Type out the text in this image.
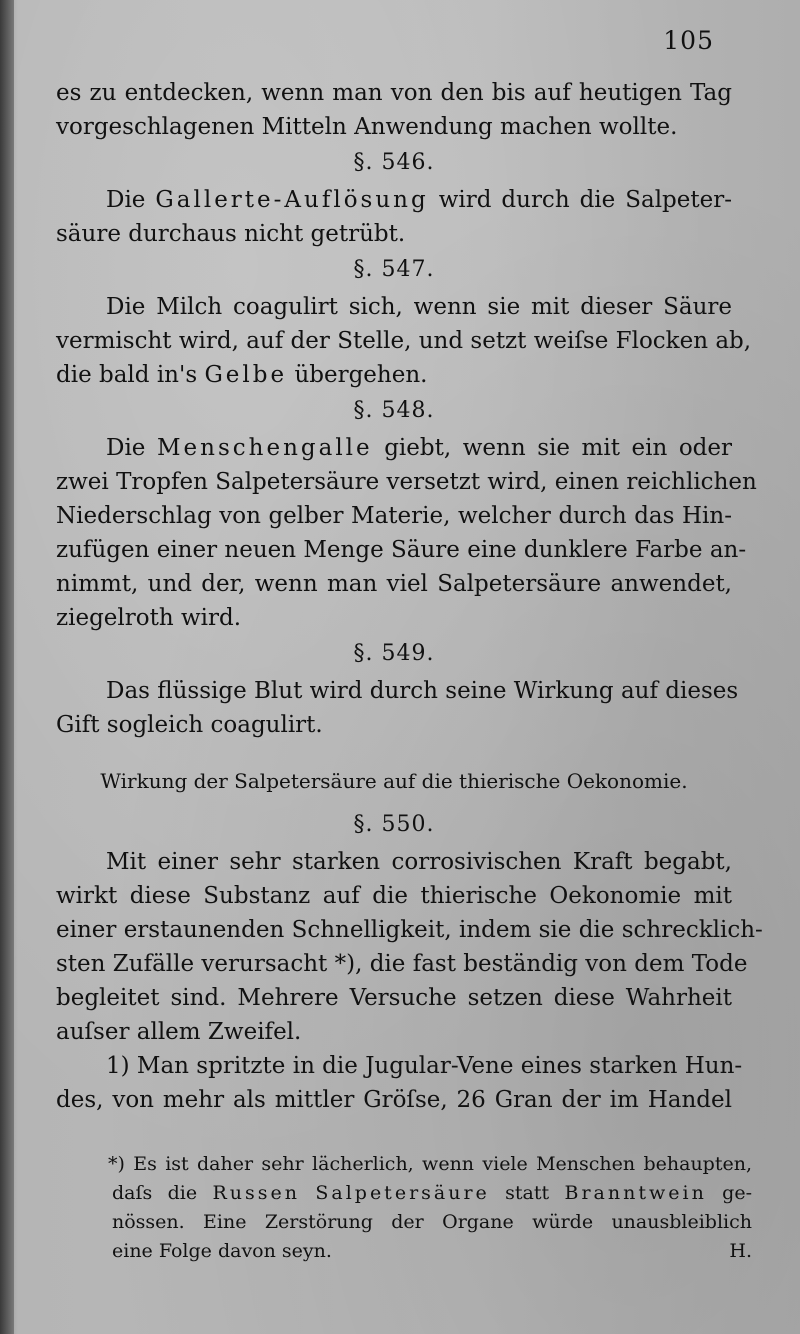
105
es zu entdecken, wenn man von den bis auf heutigen Tag
vorgeschlagenen Mitteln Anwendung machen wollte.
§. 546.
Die Gallerte-Auflösung wird durch die Salpeter-
säure durchaus nicht getrübt.
§. 547.
Die Milch coagulirt sich, wenn sie mit dieser Säure
vermischt wird, auf der Stelle, und setzt weiſse Flocken ab,
die bald in's Gelbe übergehen.
§. 548.
Die Menschengalle giebt, wenn sie mit ein oder
zwei Tropfen Salpetersäure versetzt wird, einen reichlichen
Niederschlag von gelber Materie, welcher durch das Hin-
zufügen einer neuen Menge Säure eine dunklere Farbe an-
nimmt, und der, wenn man viel Salpetersäure anwendet,
ziegelroth wird.
§. 549.
Das flüssige Blut wird durch seine Wirkung auf dieses
Gift sogleich coagulirt.
Wirkung der Salpetersäure auf die thierische Oekonomie.
§. 550.
Mit einer sehr starken corrosivischen Kraft begabt,
wirkt diese Substanz auf die thierische Oekonomie mit
einer erstaunenden Schnelligkeit, indem sie die schrecklich-
sten Zufälle verursacht *), die fast beständig von dem Tode
begleitet sind. Mehrere Versuche setzen diese Wahrheit
auſser allem Zweifel.
1) Man spritzte in die Jugular-Vene eines starken Hun-
des, von mehr als mittler Gröſse, 26 Gran der im Handel
*) Es ist daher sehr lächerlich, wenn viele Menschen behaupten,
daſs die Russen Salpetersäure statt Branntwein ge-
nössen. Eine Zerstörung der Organe würde unausbleiblich
eine Folge davon seyn.	H.
